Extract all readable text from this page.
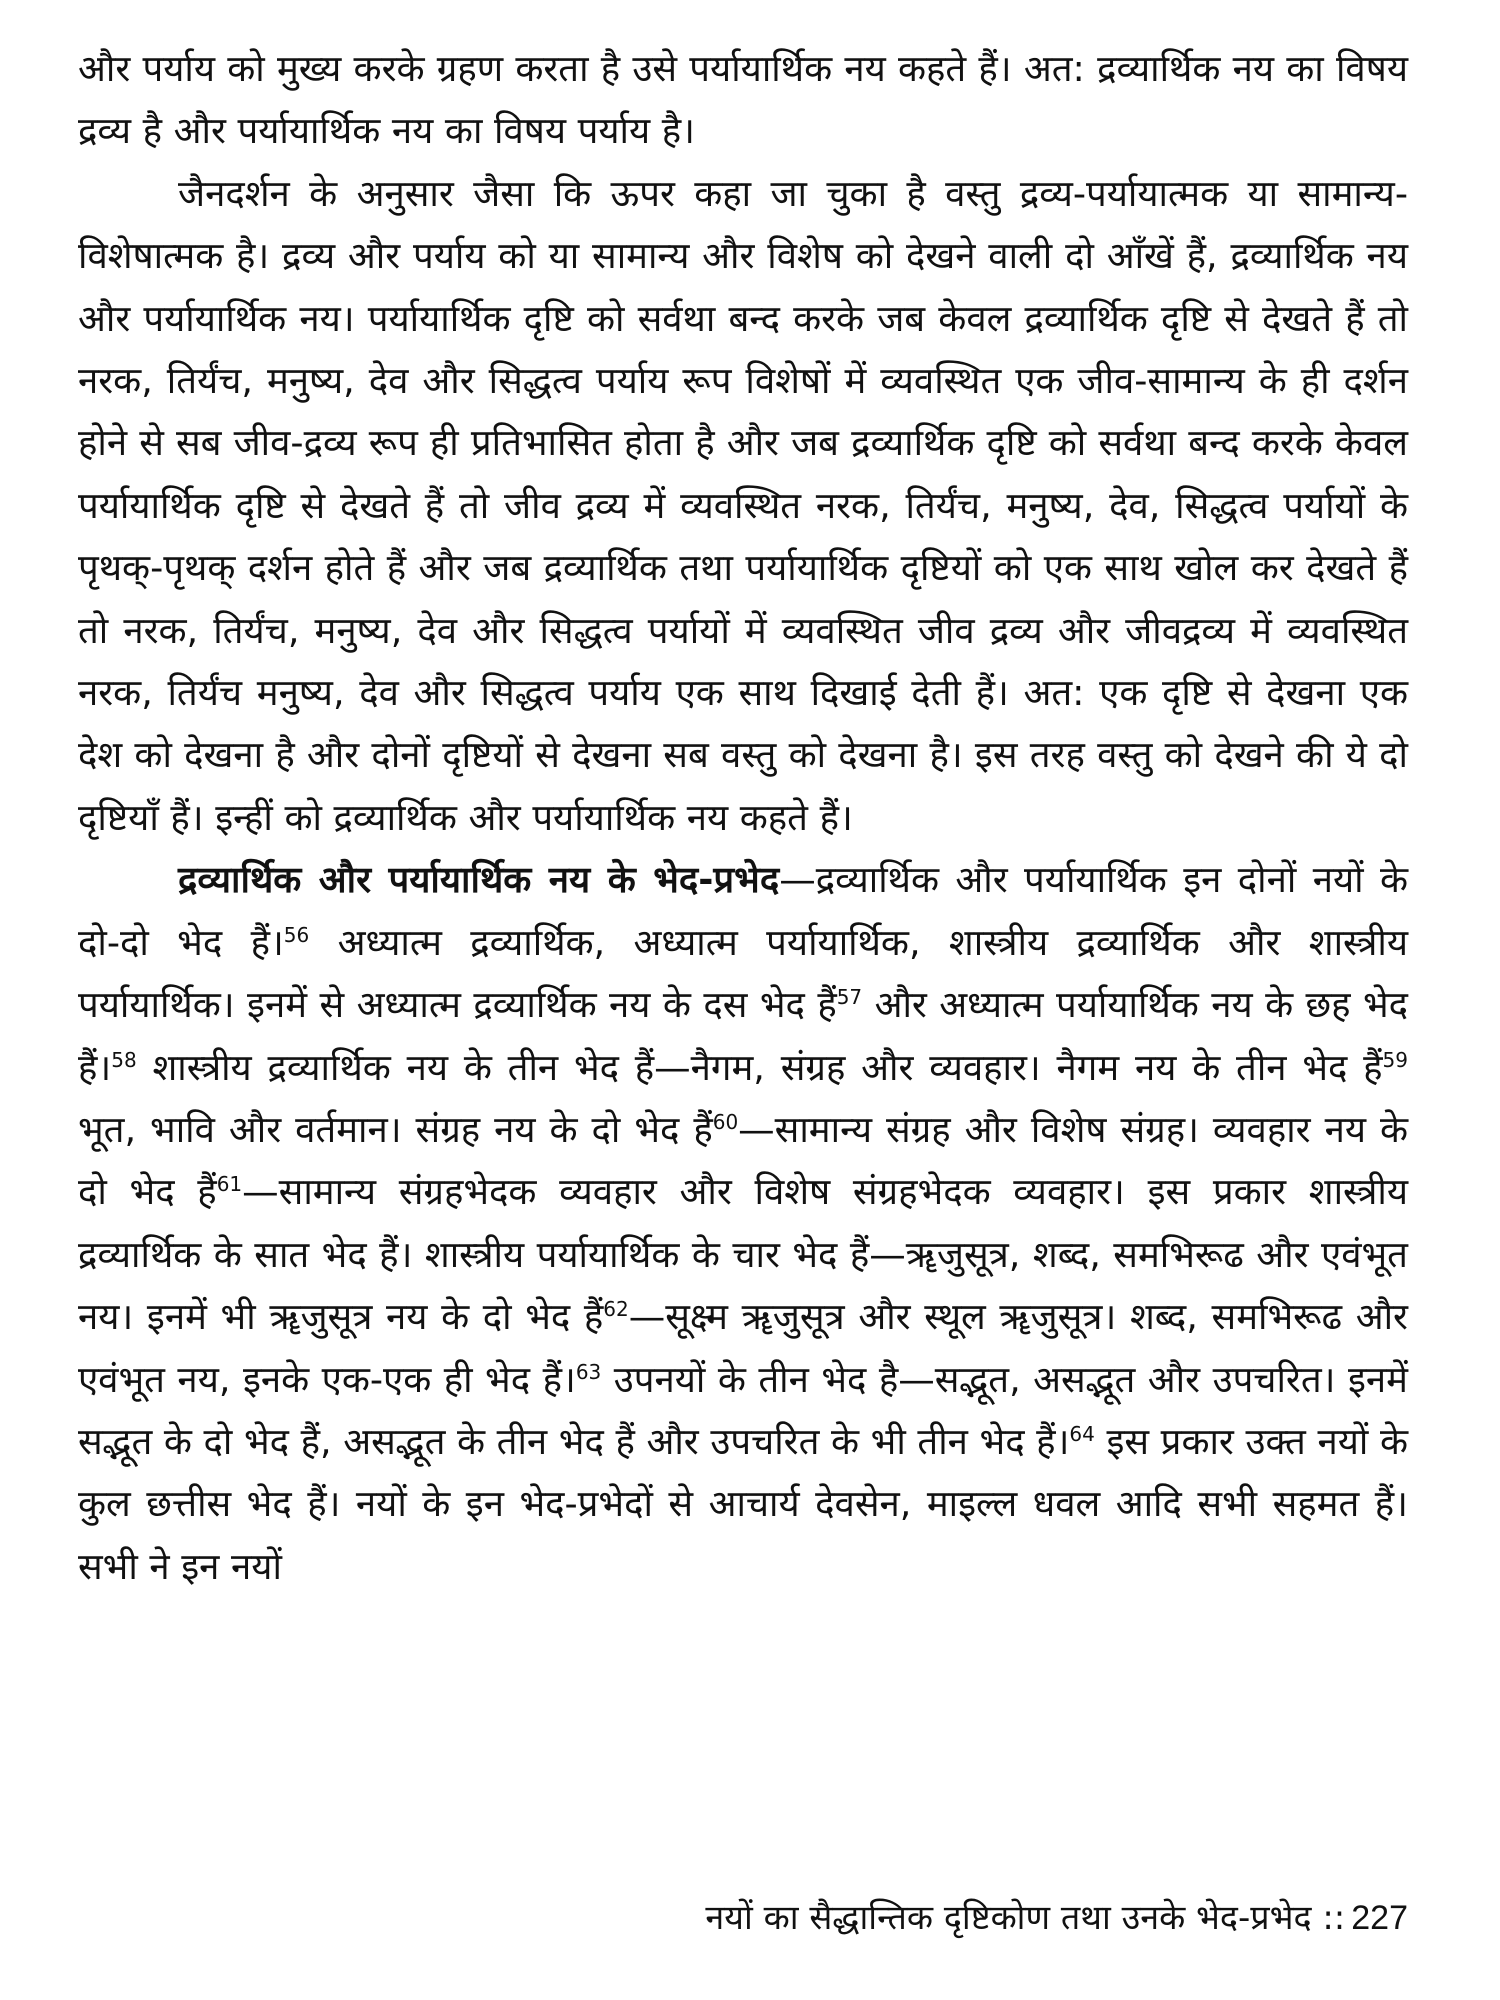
और पर्याय को मुख्य करके ग्रहण करता है उसे पर्यायार्थिक नय कहते हैं। अत: द्रव्यार्थिक नय का विषय द्रव्य है और पर्यायार्थिक नय का विषय पर्याय है।

जैनदर्शन के अनुसार जैसा कि ऊपर कहा जा चुका है वस्तु द्रव्य-पर्यायात्मक या सामान्य-विशेषात्मक है। द्रव्य और पर्याय को या सामान्य और विशेष को देखने वाली दो आँखें हैं, द्रव्यार्थिक नय और पर्यायार्थिक नय। पर्यायार्थिक दृष्टि को सर्वथा बन्द करके जब केवल द्रव्यार्थिक दृष्टि से देखते हैं तो नरक, तिर्यंच, मनुष्य, देव और सिद्धत्व पर्याय रूप विशेषों में व्यवस्थित एक जीव-सामान्य के ही दर्शन होने से सब जीव-द्रव्य रूप ही प्रतिभासित होता है और जब द्रव्यार्थिक दृष्टि को सर्वथा बन्द करके केवल पर्यायार्थिक दृष्टि से देखते हैं तो जीव द्रव्य में व्यवस्थित नरक, तिर्यंच, मनुष्य, देव, सिद्धत्व पर्यायों के पृथक्-पृथक् दर्शन होते हैं और जब द्रव्यार्थिक तथा पर्यायार्थिक दृष्टियों को एक साथ खोल कर देखते हैं तो नरक, तिर्यंच, मनुष्य, देव और सिद्धत्व पर्यायों में व्यवस्थित जीव द्रव्य और जीवद्रव्य में व्यवस्थित नरक, तिर्यंच मनुष्य, देव और सिद्धत्व पर्याय एक साथ दिखाई देती हैं। अत: एक दृष्टि से देखना एक देश को देखना है और दोनों दृष्टियों से देखना सब वस्तु को देखना है। इस तरह वस्तु को देखने की ये दो दृष्टियाँ हैं। इन्हीं को द्रव्यार्थिक और पर्यायार्थिक नय कहते हैं।

द्रव्यार्थिक और पर्यायार्थिक नय के भेद-प्रभेद—द्रव्यार्थिक और पर्यायार्थिक इन दोनों नयों के दो-दो भेद हैं।$^{56}$ अध्यात्म द्रव्यार्थिक, अध्यात्म पर्यायार्थिक, शास्त्रीय द्रव्यार्थिक और शास्त्रीय पर्यायार्थिक। इनमें से अध्यात्म द्रव्यार्थिक नय के दस भेद हैं$^{57}$ और अध्यात्म पर्यायार्थिक नय के छह भेद हैं।$^{58}$ शास्त्रीय द्रव्यार्थिक नय के तीन भेद हैं—नैगम, संग्रह और व्यवहार। नैगम नय के तीन भेद हैं$^{59}$ भूत, भावि और वर्तमान। संग्रह नय के दो भेद हैं$^{60}$—सामान्य संग्रह और विशेष संग्रह। व्यवहार नय के दो भेद हैं$^{61}$—सामान्य संग्रहभेदक व्यवहार और विशेष संग्रहभेदक व्यवहार। इस प्रकार शास्त्रीय द्रव्यार्थिक के सात भेद हैं। शास्त्रीय पर्यायार्थिक के चार भेद हैं—ॠजुसूत्र, शब्द, समभिरूढ और एवंभूत नय। इनमें भी ॠजुसूत्र नय के दो भेद हैं$^{62}$—सूक्ष्म ॠजुसूत्र और स्थूल ॠजुसूत्र। शब्द, समभिरूढ और एवंभूत नय, इनके एक-एक ही भेद हैं।$^{63}$ उपनयों के तीन भेद है—सद्भूत, असद्भूत और उपचरित। इनमें सद्भूत के दो भेद हैं, असद्भूत के तीन भेद हैं और उपचरित के भी तीन भेद हैं।$^{64}$ इस प्रकार उक्त नयों के कुल छत्तीस भेद हैं। नयों के इन भेद-प्रभेदों से आचार्य देवसेन, माइल्ल धवल आदि सभी सहमत हैं। सभी ने इन नयों

नयों का सैद्धान्तिक दृष्टिकोण तथा उनके भेद-प्रभेद :: 227
